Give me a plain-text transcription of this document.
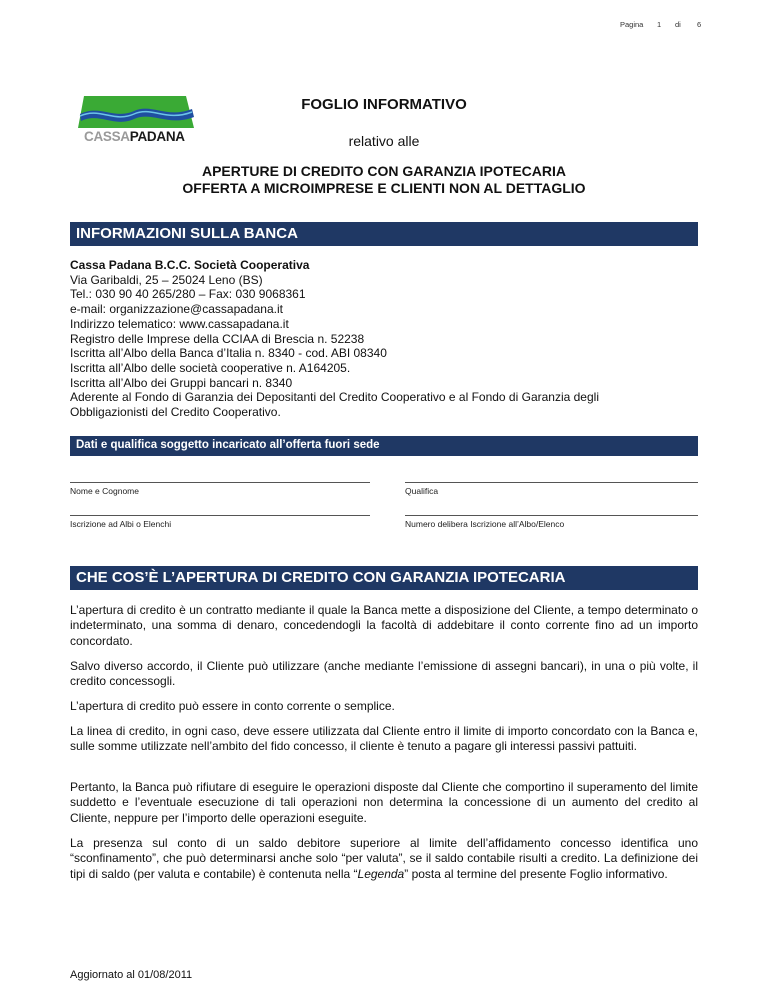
Pagina 1 di 6
CASSAPADANA
FOGLIO INFORMATIVO
relativo alle
APERTURE DI CREDITO CON GARANZIA IPOTECARIA
OFFERTA A MICROIMPRESE E CLIENTI NON AL DETTAGLIO
INFORMAZIONI SULLA BANCA
Cassa Padana B.C.C. Società Cooperativa
Via Garibaldi, 25 – 25024 Leno (BS)
Tel.: 030 90 40 265/280 – Fax: 030 9068361
e-mail: organizzazione@cassapadana.it
Indirizzo telematico: www.cassapadana.it
Registro delle Imprese della CCIAA di Brescia n. 52238
Iscritta all’Albo della Banca d’Italia n. 8340 - cod. ABI 08340
Iscritta all’Albo delle società cooperative n. A164205.
Iscritta all’Albo dei Gruppi bancari n. 8340
Aderente al Fondo di Garanzia dei Depositanti del Credito Cooperativo e al Fondo di Garanzia degli
Obbligazionisti del Credito Cooperativo.
Dati e qualifica soggetto incaricato all’offerta fuori sede
Nome e Cognome	Qualifica
Iscrizione ad Albi o Elenchi	Numero delibera Iscrizione all’Albo/Elenco
CHE COS’È L’APERTURA DI CREDITO CON GARANZIA IPOTECARIA

L’apertura di credito è un contratto mediante il quale la Banca mette a disposizione del Cliente, a tempo determinato o indeterminato, una somma di denaro, concedendogli la facoltà di addebitare il conto corrente fino ad un importo concordato.

Salvo diverso accordo, il Cliente può utilizzare (anche mediante l’emissione di assegni bancari), in una o più volte, il credito concessogli.

L’apertura di credito può essere in conto corrente o semplice.

La linea di credito, in ogni caso, deve essere utilizzata dal Cliente entro il limite di importo concordato con la Banca e, sulle somme utilizzate nell’ambito del fido concesso, il cliente è tenuto a pagare gli interessi passivi pattuiti.

Pertanto, la Banca può rifiutare di eseguire le operazioni disposte dal Cliente che comportino il superamento del limite suddetto e l’eventuale esecuzione di tali operazioni non determina la concessione di un aumento del credito al Cliente, neppure per l’importo delle operazioni eseguite.

La presenza sul conto di un saldo debitore superiore al limite dell’affidamento concesso identifica uno “sconfinamento”, che può determinarsi anche solo “per valuta”, se il saldo contabile risulti a credito. La definizione dei tipi di saldo (per valuta e contabile) è contenuta nella “Legenda” posta al termine del presente Foglio informativo.

Aggiornato al 01/08/2011
